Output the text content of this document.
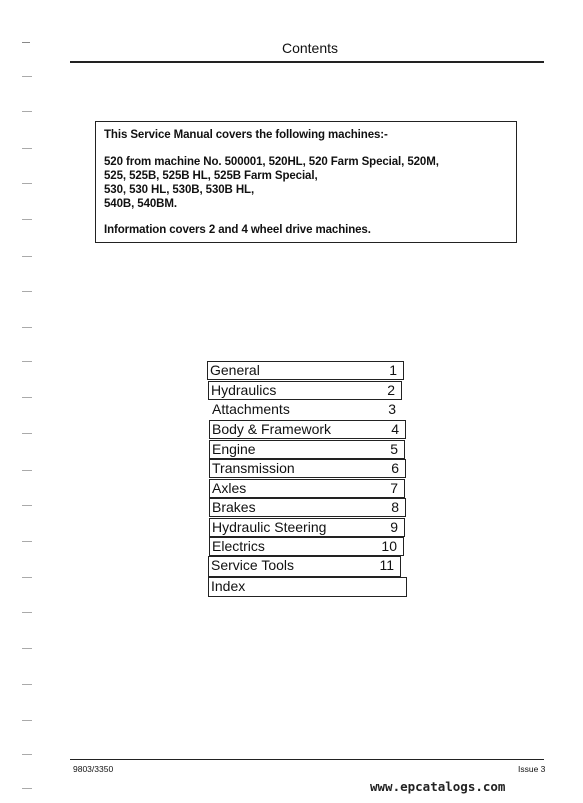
Contents
This Service Manual covers the following machines:-
520 from machine No. 500001, 520HL, 520 Farm Special, 520M,
525, 525B, 525B HL, 525B Farm Special,
530, 530 HL, 530B, 530B HL,
540B, 540BM.
Information covers 2 and 4 wheel drive machines.
General	1
Hydraulics	2
Attachments	3
Body & Framework	4
Engine	5
Transmission	6
Axles	7
Brakes	8
Hydraulic Steering	9
Electrics	10
Service Tools	11
Index
9803/3350	Issue 3
www.epcatalogs.com
